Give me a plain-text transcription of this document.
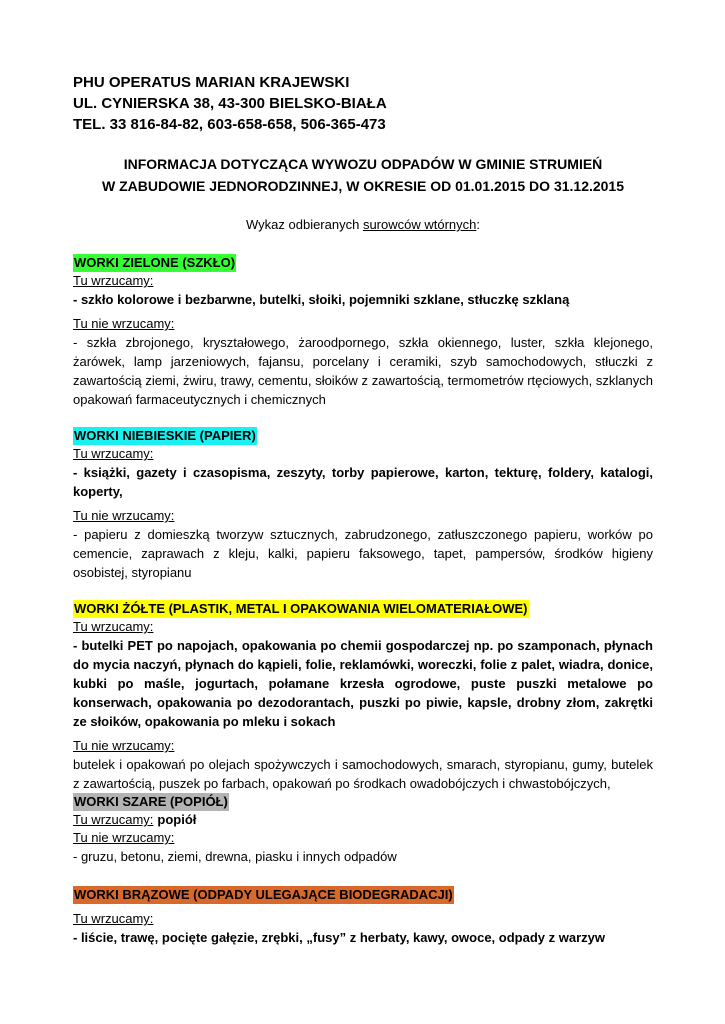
PHU OPERATUS MARIAN KRAJEWSKI
UL. CYNIERSKA 38, 43-300 BIELSKO-BIAŁA
TEL. 33 816-84-82, 603-658-658, 506-365-473
INFORMACJA DOTYCZĄCA WYWOZU ODPADÓW W GMINIE STRUMIEŃ
W ZABUDOWIE JEDNORODZINNEJ, W OKRESIE OD 01.01.2015 DO 31.12.2015
Wykaz odbieranych surowców wtórnych:
WORKI ZIELONE (SZKŁO)
Tu wrzucamy:
- szkło kolorowe i bezbarwne, butelki, słoiki, pojemniki szklane, stłuczkę szklaną
Tu nie wrzucamy:
- szkła zbrojonego, kryształowego, żaroodpornego, szkła okiennego, luster, szkła klejonego, żarówek, lamp jarzeniowych, fajansu, porcelany i ceramiki, szyb samochodowych, stłuczki z zawartością ziemi, żwiru, trawy, cementu, słoików z zawartością, termometrów rtęciowych, szklanych opakowań farmaceutycznych i chemicznych
WORKI NIEBIESKIE (PAPIER)
Tu wrzucamy:
- książki, gazety i czasopisma, zeszyty, torby papierowe, karton, tekturę, foldery, katalogi, koperty,
Tu nie wrzucamy:
- papieru z domieszką tworzyw sztucznych, zabrudzonego, zatłuszczonego papieru, worków po cemencie, zaprawach z kleju, kalki, papieru faksowego, tapet, pampersów, środków higieny osobistej, styropianu
WORKI ŻÓŁTE (PLASTIK, METAL I OPAKOWANIA WIELOMATERIAŁOWE)
Tu wrzucamy:
- butelki PET po napojach, opakowania po chemii gospodarczej np. po szamponach, płynach do mycia naczyń, płynach do kąpieli, folie, reklamówki, woreczki, folie z palet, wiadra, donice, kubki po maśle, jogurtach, połamane krzesła ogrodowe, puste puszki metalowe po konserwach, opakowania po dezodorantach, puszki po piwie, kapsle, drobny złom, zakrętki ze słoików, opakowania po mleku i sokach
Tu nie wrzucamy:
butelek i opakowań po olejach spożywczych i samochodowych, smarach, styropianu, gumy, butelek z zawartością, puszek po farbach, opakowań po środkach owadobójczych i chwastobójczych,
WORKI SZARE (POPIÓŁ)
Tu wrzucamy: popiół
Tu nie wrzucamy:
- gruzu, betonu, ziemi, drewna, piasku i innych odpadów
WORKI BRĄZOWE (ODPADY ULEGAJĄCE BIODEGRADACJI)
Tu wrzucamy:
- liście, trawę, pocięte gałęzie, zrębki, „fusy” z herbaty, kawy, owoce, odpady z warzyw
